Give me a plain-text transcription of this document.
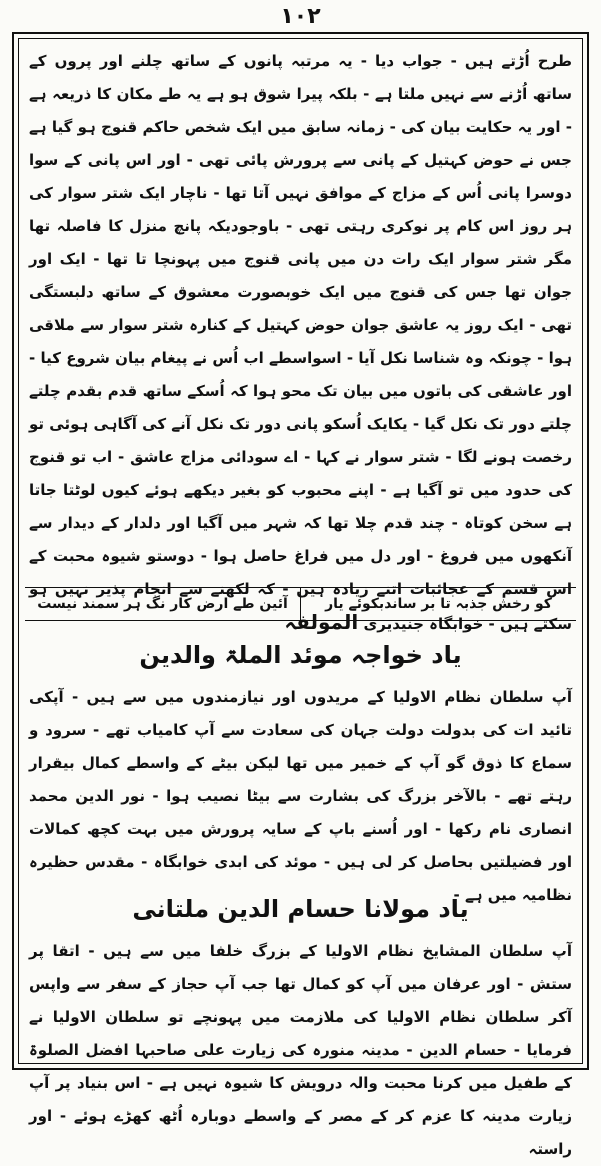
۱۰۲

طرح اُڑتے ہیں - جواب دیا - یہ مرتبہ پانوں کے ساتھ چلنے اور پروں کے ساتھ اُڑنے سے نہیں ملتا ہے - بلکہ پیرا شوق ہو ہے یہ طے مکان کا ذریعہ ہے - اور یہ حکایت بیان کی - زمانہ سابق میں ایک شخص حاکم قنوج ہو گیا ہے جس نے حوض کہتیل کے پانی سے پرورش پائی تھی - اور اس پانی کے سوا دوسرا پانی اُس کے مزاج کے موافق نہیں آتا تھا - ناچار ایک شتر سوار کی ہر روز اس کام پر نوکری رہتی تھی - باوجودیکہ پانچ منزل کا فاصلہ تھا مگر شتر سوار ایک رات دن میں پانی قنوج میں پہونچا تا تھا - ایک اور جوان تھا جس کی قنوج میں ایک خوبصورت معشوق کے ساتھ دلبستگی تھی - ایک روز یہ عاشق جوان حوض کہتیل کے کنارہ شتر سوار سے ملاقی ہوا - چونکہ وہ شناسا نکل آیا - اسواسطے اب اُس نے پیغام بیان شروع کیا - اور عاشقی کی باتوں میں بیان تک محو ہوا کہ اُسکے ساتھ قدم بقدم چلتے چلتے دور تک نکل گیا - یکایک اُسکو پانی دور تک نکل آنے کی آگاہی ہوئی تو رخصت ہونے لگا - شتر سوار نے کہا - اے سودائی مزاج عاشق - اب تو قنوج کی حدود میں تو آگیا ہے - اپنے محبوب کو بغیر دیکھے ہوئے کیوں لوٹتا جاتا ہے سخن کوتاہ - چند قدم چلا تھا کہ شہر میں آگیا اور دلدار کے دیدار سے آنکھوں میں فروغ - اور دل میں فراغ حاصل ہوا - دوستو شیوہ محبت کے اس قسم کے عجائبات اتنے زیادہ ہیں - کہ لکھنے سے انجام پذیر نہیں ہو سکتے ہیں - خوابگاہ جنیدیری المولفہ

کو رخش جذبہ تا بر ساندبکوئے یار
آئین طے ارض کار نگ ہر سمند نیست
یاد خواجہ موئد الملۃ والدین

آپ سلطان نظام الاولیا کے مریدوں اور نیازمندوں میں سے ہیں - آپکی تائید ات کی بدولت دولت جہان کی سعادت سے آپ کامیاب تھے - سرود و سماع کا ذوق گو آپ کے خمیر میں تھا لیکن بیٹے کے واسطے کمال بیقرار رہتے تھے - بالآخر بزرگ کی بشارت سے بیٹا نصیب ہوا - نور الدین محمد انصاری نام رکھا - اور اُسنے باپ کے سایہ پرورش میں بہت کچھ کمالات اور فضیلتیں بحاصل کر لی ہیں - موئد کی ابدی خوابگاہ - مقدس حظیرہ نظامیہ میں ہے -

یاد مولانا حسام الدین ملتانی

آپ سلطان المشایخ نظام الاولیا کے بزرگ خلفا میں سے ہیں - اتقا پر ستش - اور عرفان میں آپ کو کمال تھا جب آپ حجاز کے سفر سے واپس آکر سلطان نظام الاولیا کی ملازمت میں پہونچے تو سلطان الاولیا نے فرمایا - حسام الدین - مدینہ منورہ کی زیارت علی صاحبہا افضل الصلوۃ کے طفیل میں کرنا محبت والہ درویش کا شیوہ نہیں ہے - اس بنیاد پر آپ زیارت مدینہ کا عزم کر کے مصر کے واسطے دوبارہ اُٹھ کھڑے ہوئے - اور راستہ
